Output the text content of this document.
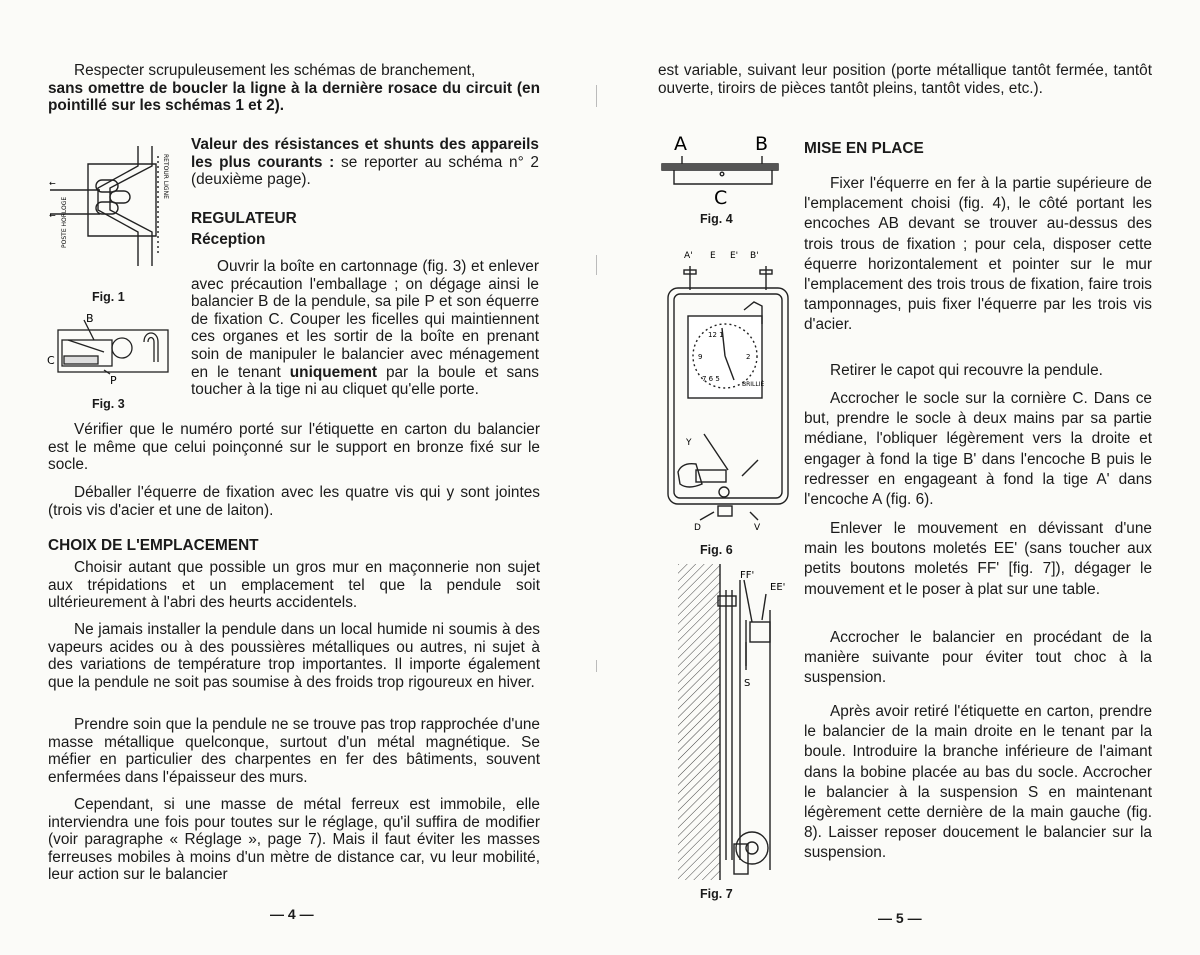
Respecter scrupuleusement les schémas de branchement,

sans omettre de boucler la ligne à la dernière rosace du circuit (en pointillé sur les schémas 1 et 2).

←
←
RETOUR LIGNE
POSTE HORLOGE
Fig. 1
B
C
P
Fig. 3
Valeur des résistances et shunts des appareils les plus courants : se reporter au schéma n° 2 (deuxième page).
REGULATEUR
Réception
Ouvrir la boîte en cartonnage (fig. 3) et enlever avec précaution l'emballage ; on dégage ainsi le balancier B de la pendule, sa pile P et son équerre de fixation C. Couper les ficelles qui maintiennent ces organes et les sortir de la boîte en prenant soin de manipuler le balancier avec ménagement en le tenant uniquement par la boule et sans toucher à la tige ni au cliquet qu'elle porte.

Vérifier que le numéro porté sur l'étiquette en carton du balancier est le même que celui poinçonné sur le support en bronze fixé sur le socle.

Déballer l'équerre de fixation avec les quatre vis qui y sont jointes (trois vis d'acier et une de laiton).

CHOIX DE L'EMPLACEMENT

Choisir autant que possible un gros mur en maçonnerie non sujet aux trépidations et un emplacement tel que la pendule soit ultérieurement à l'abri des heurts accidentels.

Ne jamais installer la pendule dans un local humide ni soumis à des vapeurs acides ou à des poussières métalliques ou autres, ni sujet à des variations de température trop importantes. Il importe également que la pendule ne soit pas soumise à des froids trop rigoureux en hiver.

Prendre soin que la pendule ne se trouve pas trop rapprochée d'une masse métallique quelconque, surtout d'un métal magnétique. Se méfier en particulier des charpentes en fer des bâtiments, souvent enfermées dans l'épaisseur des murs.

Cependant, si une masse de métal ferreux est immobile, elle interviendra une fois pour toutes sur le réglage, qu'il suffira de modifier (voir paragraphe « Réglage », page 7). Mais il faut éviter les masses ferreuses mobiles à moins d'un mètre de distance car, vu leur mobilité, leur action sur le balancier

— 4 —

est variable, suivant leur position (porte métallique tantôt fermée, tantôt ouverte, tiroirs de pièces tantôt pleins, tantôt vides, etc.).

A	B
C
Fig. 4
7 6 5
12 1
2
9
BRILLIÉ
A' E E' B'
Y
D	V
Fig. 6
FF'
EE'
S
Fig. 7
MISE EN PLACE

Fixer l'équerre en fer à la partie supérieure de l'emplacement choisi (fig. 4), le côté portant les encoches AB devant se trouver au-dessus des trois trous de fixation ; pour cela, disposer cette équerre horizontalement et pointer sur le mur l'emplacement des trois trous de fixation, faire trois tamponnages, puis fixer l'équerre par les trois vis d'acier.

Retirer le capot qui recouvre la pendule.

Accrocher le socle sur la cornière C. Dans ce but, prendre le socle à deux mains par sa partie médiane, l'obliquer légèrement vers la droite et engager à fond la tige B' dans l'encoche B puis le redresser en engageant à fond la tige A' dans l'encoche A (fig. 6).

Enlever le mouvement en dévissant d'une main les boutons moletés EE' (sans toucher aux petits boutons moletés FF' [fig. 7]), dégager le mouvement et le poser à plat sur une table.

Accrocher le balancier en procédant de la manière suivante pour éviter tout choc à la suspension.

Après avoir retiré l'étiquette en carton, prendre le balancier de la main droite en le tenant par la boule. Introduire la branche inférieure de l'aimant dans la bobine placée au bas du socle. Accrocher le balancier à la suspension S en maintenant légèrement cette dernière de la main gauche (fig. 8). Laisser reposer doucement le balancier sur la suspension.

— 5 —
